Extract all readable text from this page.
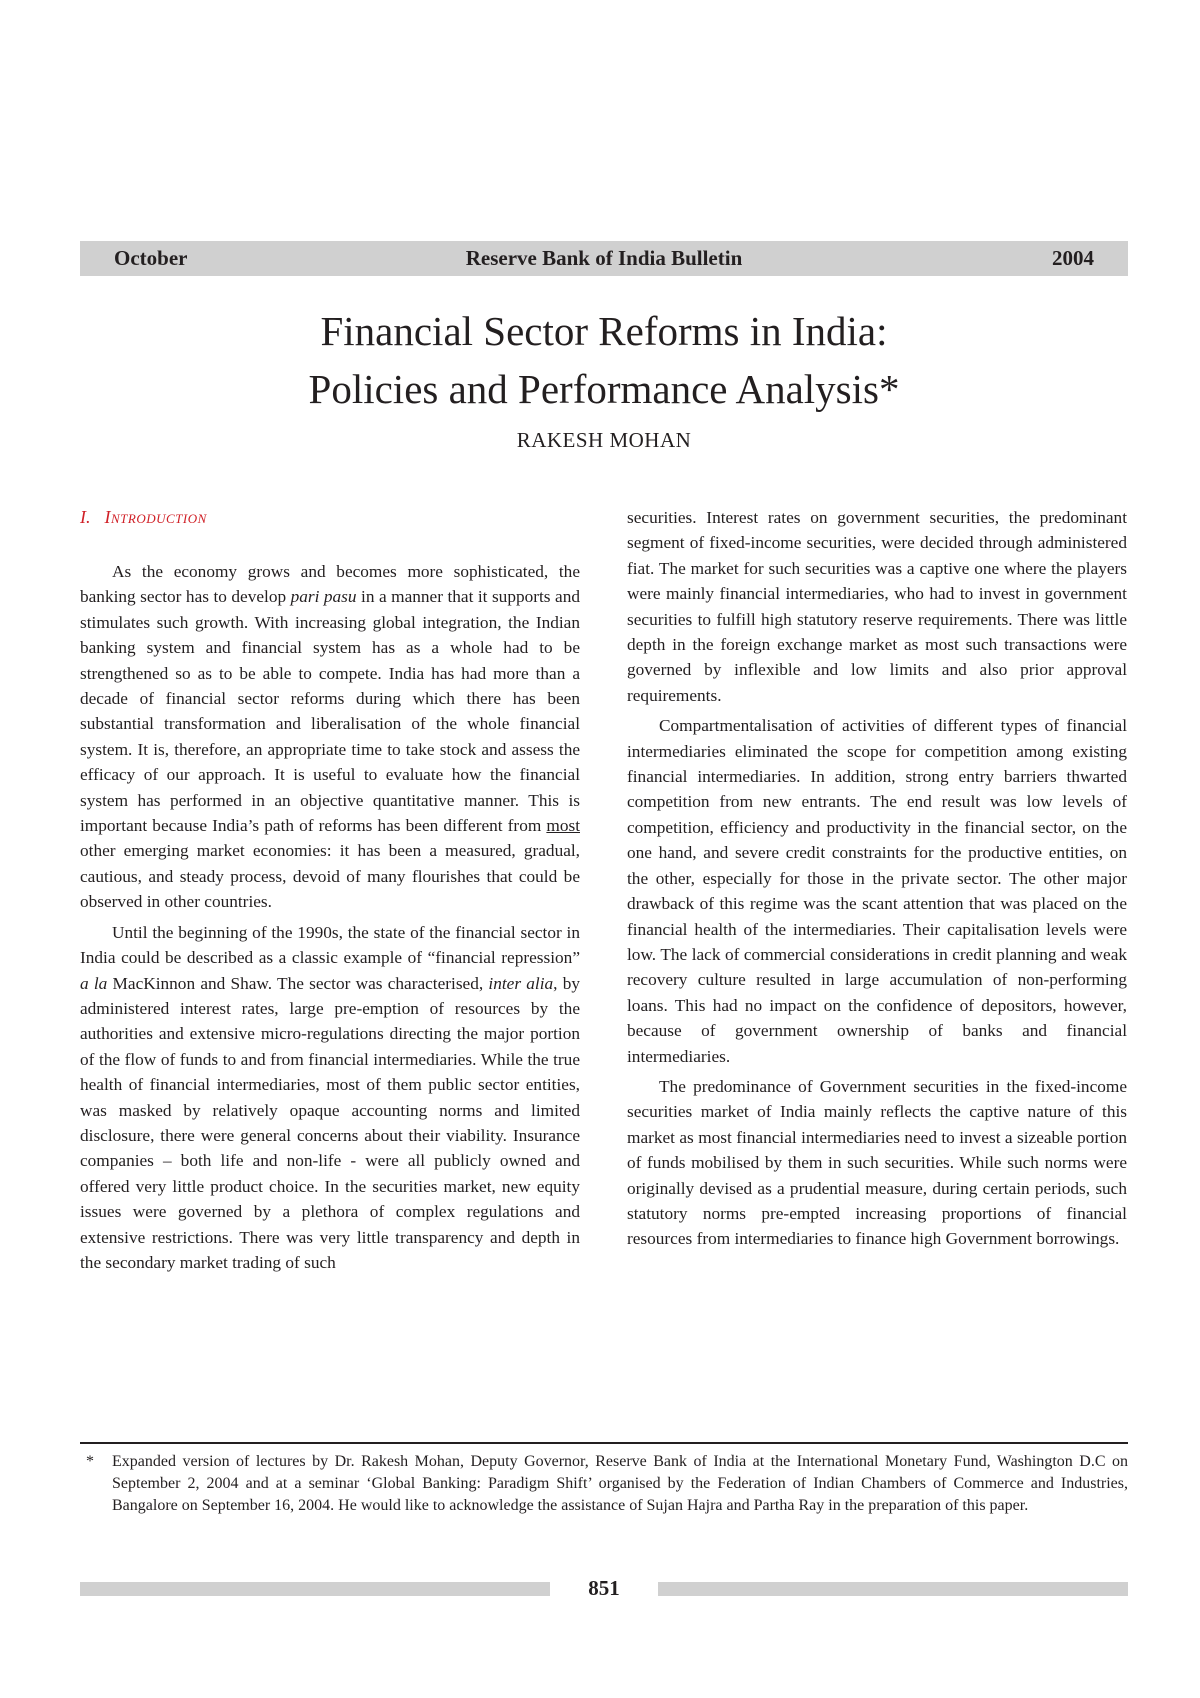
October	Reserve Bank of India Bulletin	2004
Financial Sector Reforms in India:
Policies and Performance Analysis*
RAKESH MOHAN
I. Introduction

As the economy grows and becomes more sophisticated, the banking sector has to develop pari pasu in a manner that it supports and stimulates such growth. With increasing global integration, the Indian banking system and financial system has as a whole had to be strengthened so as to be able to compete. India has had more than a decade of financial sector reforms during which there has been substantial transformation and liberalisation of the whole financial system. It is, therefore, an appropriate time to take stock and assess the efficacy of our approach. It is useful to evaluate how the financial system has performed in an objective quantitative manner. This is important because India’s path of reforms has been different from most other emerging market economies: it has been a measured, gradual, cautious, and steady process, devoid of many flourishes that could be observed in other countries.

Until the beginning of the 1990s, the state of the financial sector in India could be described as a classic example of “financial repression” a la MacKinnon and Shaw. The sector was characterised, inter alia, by administered interest rates, large pre-emption of resources by the authorities and extensive micro-regulations directing the major portion of the flow of funds to and from financial intermediaries. While the true health of financial intermediaries, most of them public sector entities, was masked by relatively opaque accounting norms and limited disclosure, there were general concerns about their viability. Insurance companies – both life and non-life - were all publicly owned and offered very little product choice. In the securities market, new equity issues were governed by a plethora of complex regulations and extensive restrictions. There was very little transparency and depth in the secondary market trading of such

securities. Interest rates on government securities, the predominant segment of fixed-income securities, were decided through administered fiat. The market for such securities was a captive one where the players were mainly financial intermediaries, who had to invest in government securities to fulfill high statutory reserve requirements. There was little depth in the foreign exchange market as most such transactions were governed by inflexible and low limits and also prior approval requirements.

Compartmentalisation of activities of different types of financial intermediaries eliminated the scope for competition among existing financial intermediaries. In addition, strong entry barriers thwarted competition from new entrants. The end result was low levels of competition, efficiency and productivity in the financial sector, on the one hand, and severe credit constraints for the productive entities, on the other, especially for those in the private sector. The other major drawback of this regime was the scant attention that was placed on the financial health of the intermediaries. Their capitalisation levels were low. The lack of commercial considerations in credit planning and weak recovery culture resulted in large accumulation of non-performing loans. This had no impact on the confidence of depositors, however, because of government ownership of banks and financial intermediaries.

The predominance of Government securities in the fixed-income securities market of India mainly reflects the captive nature of this market as most financial intermediaries need to invest a sizeable portion of funds mobilised by them in such securities. While such norms were originally devised as a prudential measure, during certain periods, such statutory norms pre-empted increasing proportions of financial resources from intermediaries to finance high Government borrowings.

* Expanded version of lectures by Dr. Rakesh Mohan, Deputy Governor, Reserve Bank of India at the International Monetary Fund, Washington D.C on September 2, 2004 and at a seminar ‘Global Banking: Paradigm Shift’ organised by the Federation of Indian Chambers of Commerce and Industries, Bangalore on September 16, 2004. He would like to acknowledge the assistance of Sujan Hajra and Partha Ray in the preparation of this paper.
851
